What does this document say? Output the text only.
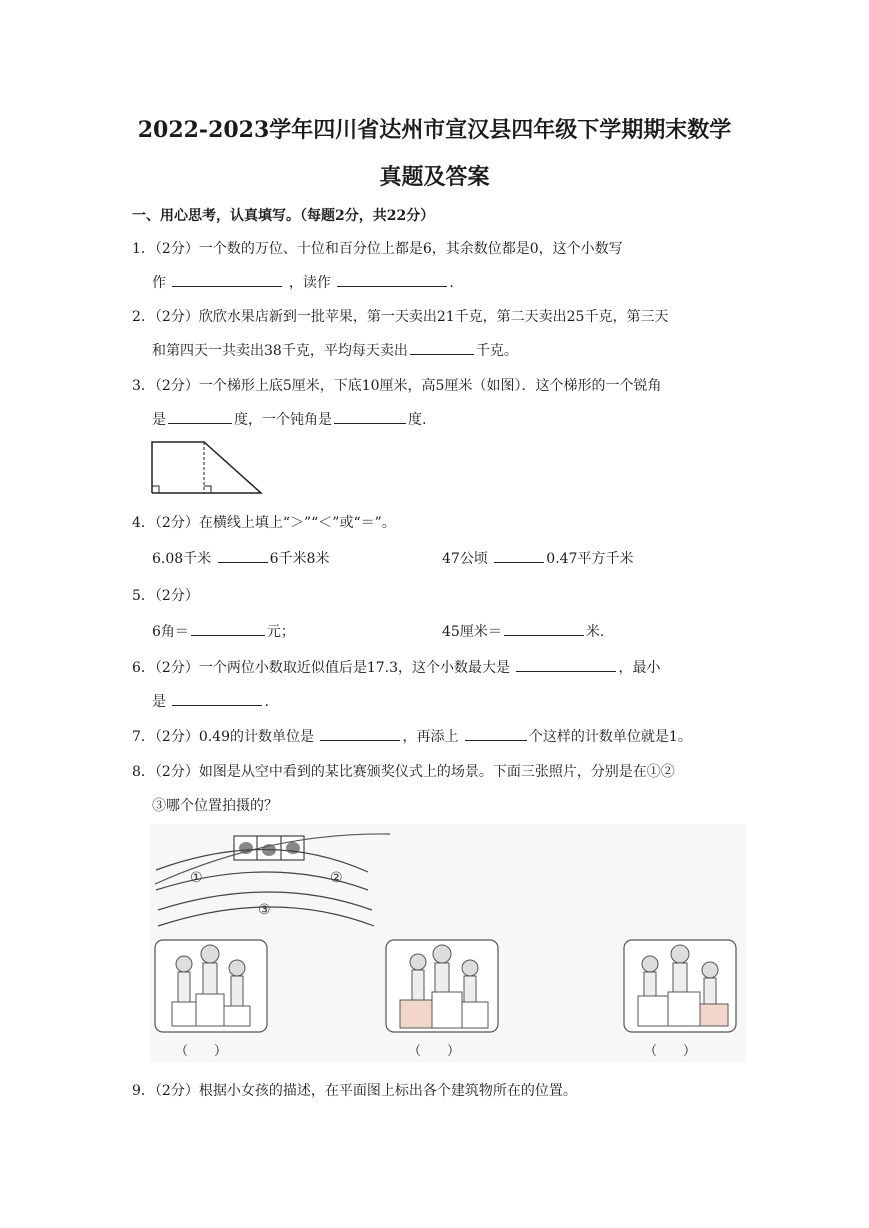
2022-2023学年四川省达州市宣汉县四年级下学期期末数学
真题及答案
一、用心思考，认真填写。（每题2分，共22分）
1．（2分）一个数的万位、十位和百分位上都是6，其余数位都是0，这个小数写
作	，读作	.
2．（2分）欣欣水果店新到一批苹果，第一天卖出21千克，第二天卖出25千克，第三天
和第四天一共卖出38千克，平均每天卖出	千克。
3．（2分）一个梯形上底5厘米，下底10厘米，高5厘米（如图）．这个梯形的一个锐角
是	度，一个钝角是	度.
4．（2分）在横线上填上“＞”“＜”或“＝”。
6.08千米	6千米8米	47公顷	0.47平方千米
5．（2分）
6角＝	元；	45厘米＝	米.
6．（2分）一个两位小数取近似值后是17.3，这个小数最大是	，最小
是	.
7．（2分）0.49的计数单位是	，再添上	个这样的计数单位就是1。
8．（2分）如图是从空中看到的某比赛颁奖仪式上的场景。下面三张照片，分别是在①②
③哪个位置拍摄的？
①	②
③
（　　）	（　　）	（　　）
9．（2分）根据小女孩的描述，在平面图上标出各个建筑物所在的位置。
